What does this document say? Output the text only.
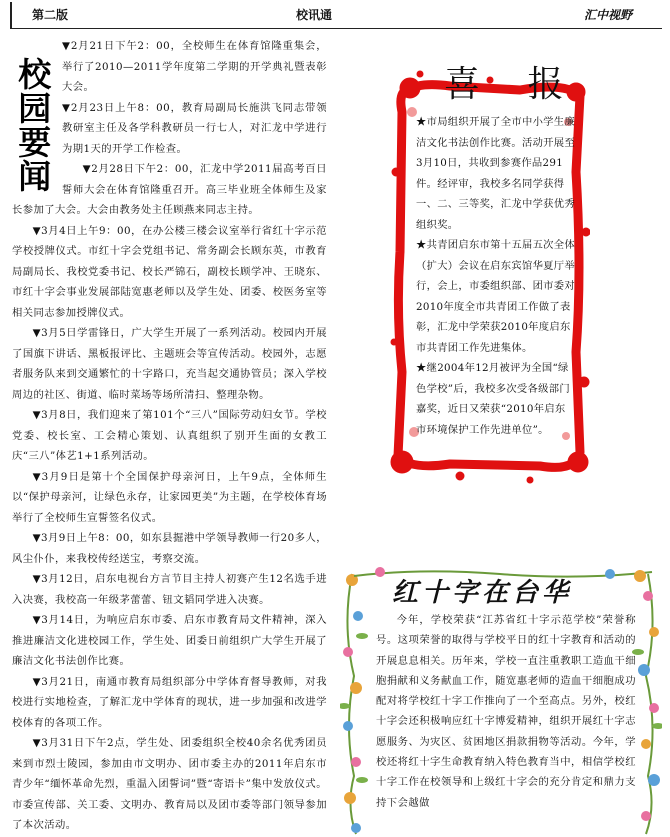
第二版	校讯通	汇中视野
校园要闻

▼2月21日下午2：00，全校师生在体育馆隆重集会，举行了2010—2011学年度第二学期的开学典礼暨表彰大会。

▼2月23日上午8：00，教育局副局长施洪飞同志带领教研室主任及各学科教研员一行七人，对汇龙中学进行为期1天的开学工作检查。

▼2月28日下午2：00，汇龙中学2011届高考百日誓师大会在体育馆隆重召开。高三毕业班全体师生及家长参加了大会。大会由教务处主任顾燕来同志主持。

▼3月4日上午9：00，在办公楼三楼会议室举行省红十字示范学校授牌仪式。市红十字会党组书记、常务副会长顾东英，市教育局副局长、我校党委书记、校长严锦石，副校长顾学冲、王晓东、市红十字会事业发展部陆宽惠老师以及学生处、团委、校医务室等相关同志参加授牌仪式。

▼3月5日学雷锋日，广大学生开展了一系列活动。校园内开展了国旗下讲话、黑板报评比、主题班会等宣传活动。校园外，志愿者服务队来到交通繁忙的十字路口，充当起交通协管员；深入学校周边的社区、街道、临时菜场等场所清扫、整理杂物。

▼3月8日，我们迎来了第101个“三八”国际劳动妇女节。学校党委、校长室、工会精心策划、认真组织了别开生面的女教工庆“三八”体艺1+1系列活动。

▼3月9日是第十个全国保护母亲河日，上午9点，全体师生以“保护母亲河，让绿色永存，让家园更美”为主题，在学校体育场举行了全校师生宣誓签名仪式。

▼3月9日上午8：00，如东县掘港中学领导教师一行20多人，风尘仆仆，来我校传经送宝，考察交流。

▼3月12日，启东电视台方言节目主持人初赛产生12名选手进入决赛，我校高一年级茅蕾蕾、钮文韬同学进入决赛。

▼3月14日，为响应启东市委、启东市教育局文件精神，深入推进廉洁文化进校园工作，学生处、团委日前组织广大学生开展了廉洁文化书法创作比赛。

▼3月21日，南通市教育局组织部分中学体育督导教师，对我校进行实地检查，了解汇龙中学体育的现状，进一步加强和改进学校体育的各项工作。

▼3月31日下午2点，学生处、团委组织全校40余名优秀团员来到市烈士陵园，参加由市文明办、团市委主办的2011年启东市青少年“缅怀革命先烈，重温入团誓词”暨“寄语卡”集中发放仪式。市委宣传部、关工委、文明办、教育局以及团市委等部门领导参加了本次活动。

喜 报

★市局组织开展了全市中小学生廉洁文化书法创作比赛。活动开展至3月10日，共收到参赛作品291件。经评审，我校多名同学获得一、二、三等奖，汇龙中学获优秀组织奖。

★共青团启东市第十五届五次全体（扩大）会议在启东宾馆华夏厅举行，会上，市委组织部、团市委对2010年度全市共青团工作做了表彰，汇龙中学荣获2010年度启东市共青团工作先进集体。

★继2004年12月被评为全国“绿色学校”后，我校多次受各级部门嘉奖，近日又荣获“2010年启东市环境保护工作先进单位”。

红十字在台华

今年，学校荣获“江苏省红十字示范学校”荣誉称号。这项荣誉的取得与学校平日的红十字教育和活动的开展息息相关。历年来，学校一直注重教职工造血干细胞捐献和义务献血工作，随宽惠老师的造血干细胞成功配对将学校红十字工作推向了一个至高点。另外，校红十字会还积极响应红十字博爱精神，组织开展红十字志愿服务、为灾区、贫困地区捐款捐物等活动。今年，学校还将红十字生命教育纳入特色教育当中，相信学校红十字工作在校领导和上级红十字会的充分肯定和鼎力支持下会越做
